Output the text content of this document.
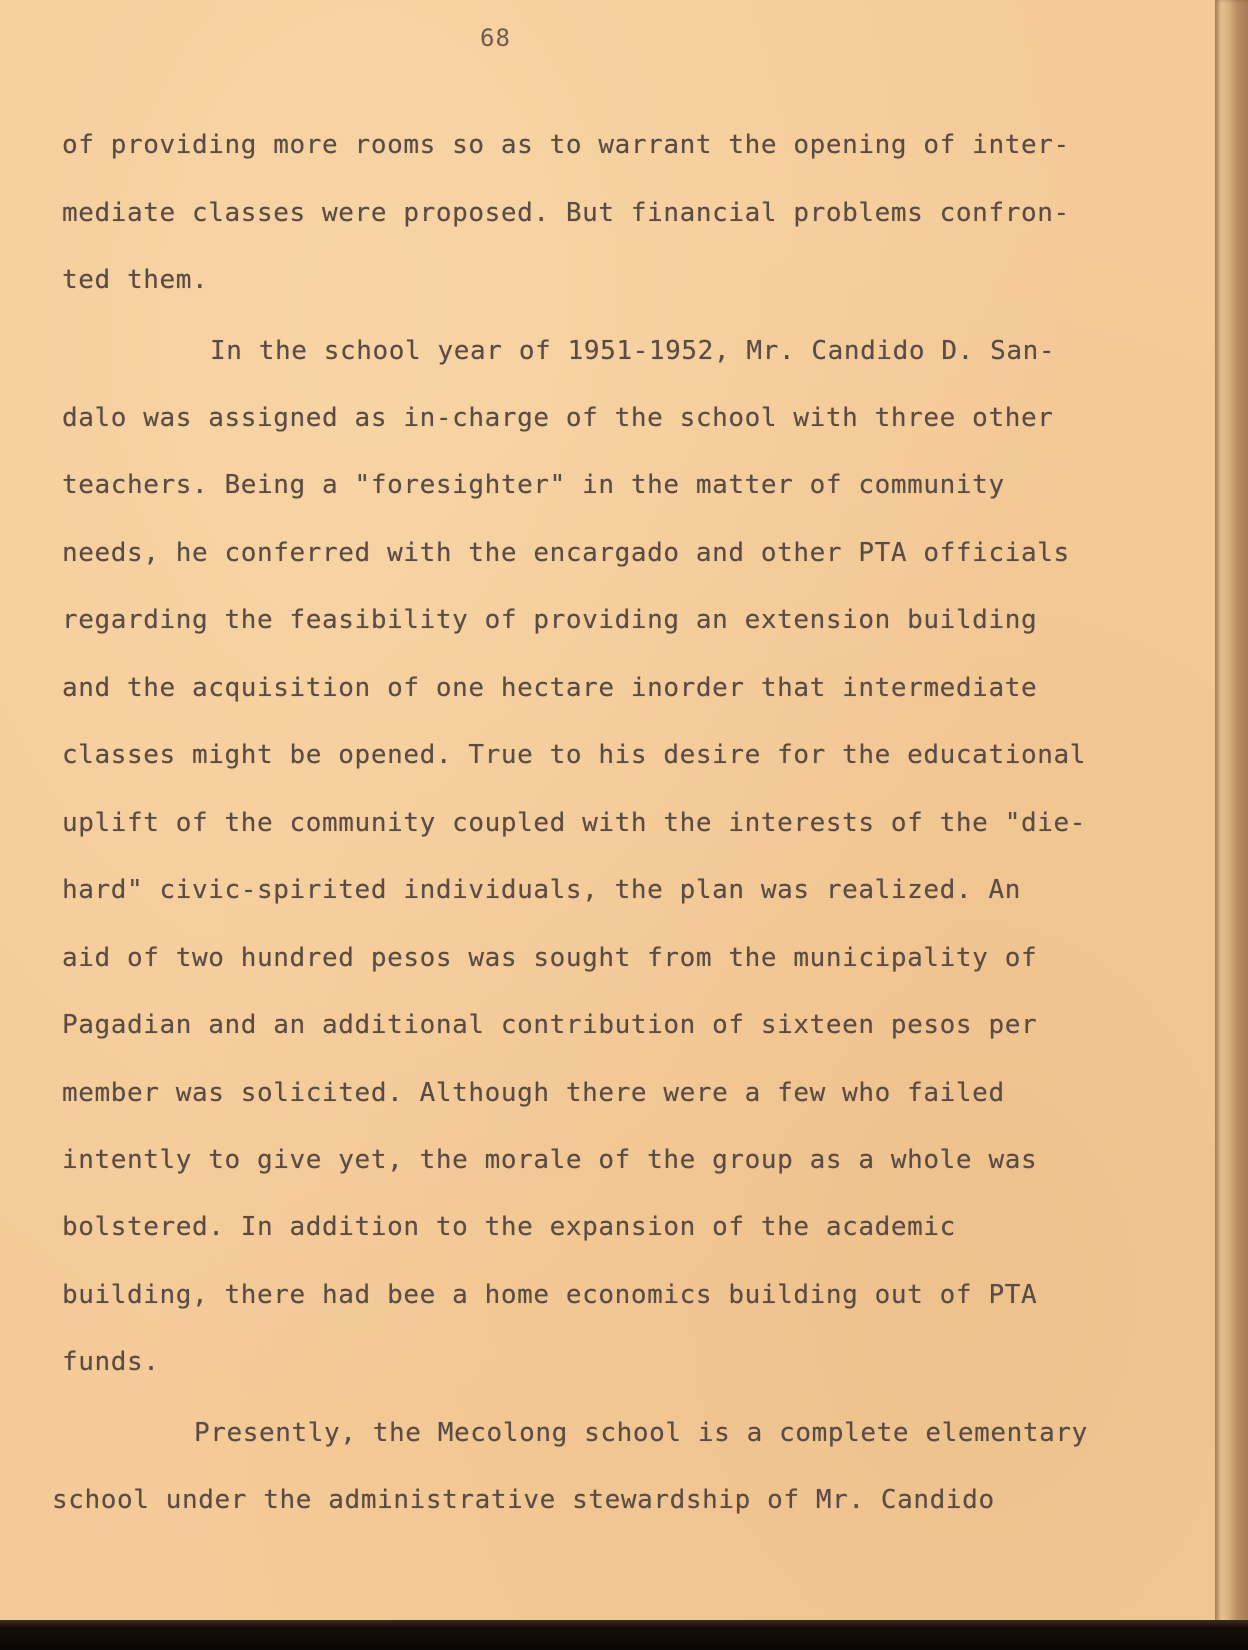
68
of providing more rooms so as to warrant the opening of inter-
mediate classes were proposed. But financial problems confron-
ted them.
In the school year of 1951-1952, Mr. Candido D. San-
dalo was assigned as in-charge of the school with three other
teachers. Being a "foresighter" in the matter of community
needs, he conferred with the encargado and other PTA officials
regarding the feasibility of providing an extension building
and the acquisition of one hectare inorder that intermediate
classes might be opened. True to his desire for the educational
uplift of the community coupled with the interests of the "die-
hard" civic-spirited individuals, the plan was realized. An
aid of two hundred pesos was sought from the municipality of
Pagadian and an additional contribution of sixteen pesos per
member was solicited. Although there were a few who failed
intently to give yet, the morale of the group as a whole was
bolstered. In addition to the expansion of the academic
building, there had bee a home economics building out of PTA
funds.
Presently, the Mecolong school is a complete elementary
school under the administrative stewardship of Mr. Candido
